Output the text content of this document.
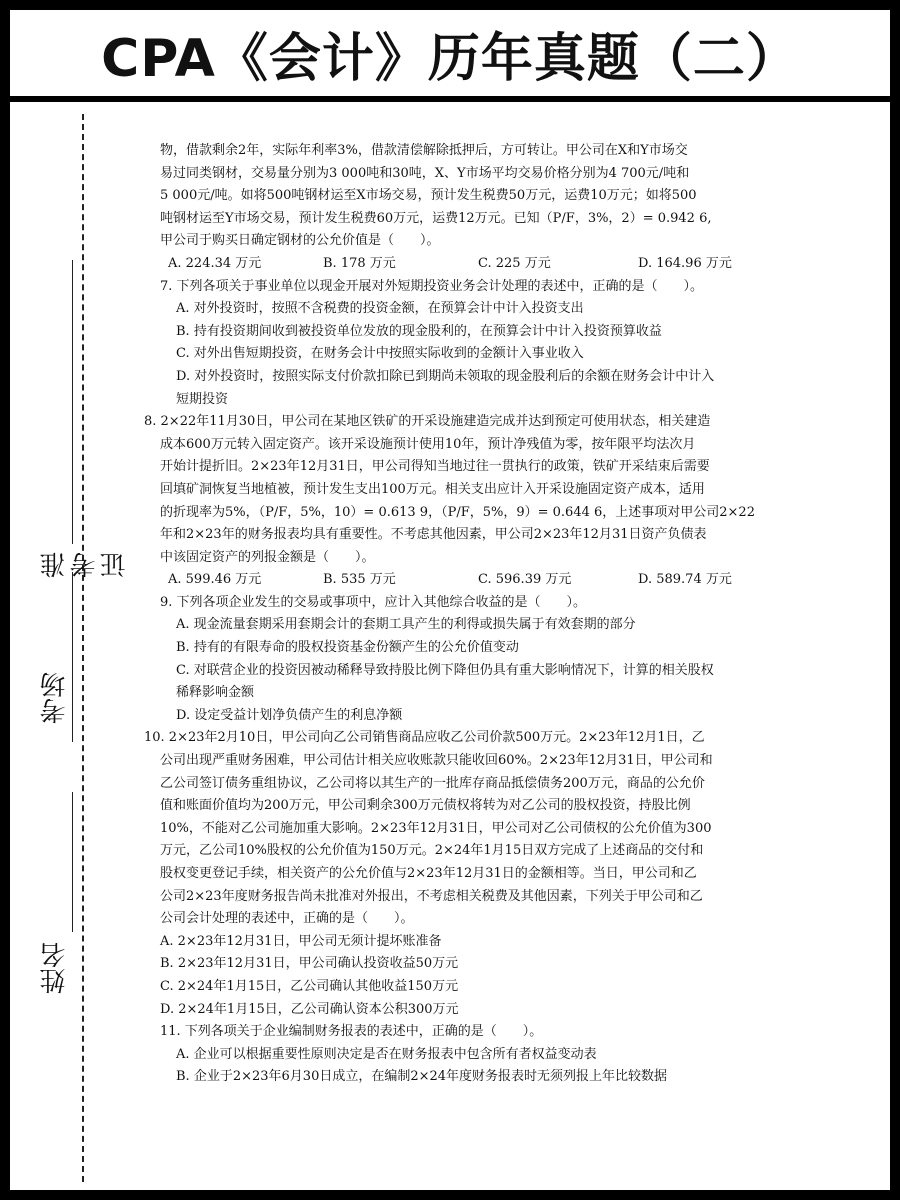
CPA《会计》历年真题（二）
准考证
考场
姓名

物，借款剩余2年，实际年利率3%，借款清偿解除抵押后，方可转让。甲公司在X和Y市场交

易过同类钢材，交易量分别为3 000吨和30吨，X、Y市场平均交易价格分别为4 700元/吨和

5 000元/吨。如将500吨钢材运至X市场交易，预计发生税费50万元，运费10万元；如将500

吨钢材运至Y市场交易，预计发生税费60万元，运费12万元。已知（P/F，3%，2）= 0.942 6,

甲公司于购买日确定钢材的公允价值是（　　）。

A. 224.34 万元	B. 178 万元	C. 225 万元	D. 164.96 万元

7. 下列各项关于事业单位以现金开展对外短期投资业务会计处理的表述中，正确的是（　　）。

A. 对外投资时，按照不含税费的投资金额，在预算会计中计入投资支出

B. 持有投资期间收到被投资单位发放的现金股利的，在预算会计中计入投资预算收益

C. 对外出售短期投资，在财务会计中按照实际收到的金额计入事业收入

D. 对外投资时，按照实际支付价款扣除已到期尚未领取的现金股利后的余额在财务会计中计入

短期投资

8. 2×22年11月30日，甲公司在某地区铁矿的开采设施建造完成并达到预定可使用状态，相关建造

成本600万元转入固定资产。该开采设施预计使用10年，预计净残值为零，按年限平均法次月

开始计提折旧。2×23年12月31日，甲公司得知当地过往一贯执行的政策，铁矿开采结束后需要

回填矿洞恢复当地植被，预计发生支出100万元。相关支出应计入开采设施固定资产成本，适用

的折现率为5%，（P/F，5%，10）= 0.613 9，（P/F，5%，9）= 0.644 6，上述事项对甲公司2×22

年和2×23年的财务报表均具有重要性。不考虑其他因素，甲公司2×23年12月31日资产负债表

中该固定资产的列报金额是（　　）。

A. 599.46 万元	B. 535 万元	C. 596.39 万元	D. 589.74 万元

9. 下列各项企业发生的交易或事项中，应计入其他综合收益的是（　　）。

A. 现金流量套期采用套期会计的套期工具产生的利得或损失属于有效套期的部分

B. 持有的有限寿命的股权投资基金份额产生的公允价值变动

C. 对联营企业的投资因被动稀释导致持股比例下降但仍具有重大影响情况下，计算的相关股权

稀释影响金额

D. 设定受益计划净负债产生的利息净额

10. 2×23年2月10日，甲公司向乙公司销售商品应收乙公司价款500万元。2×23年12月1日，乙

公司出现严重财务困难，甲公司估计相关应收账款只能收回60%。2×23年12月31日，甲公司和

乙公司签订债务重组协议，乙公司将以其生产的一批库存商品抵偿债务200万元，商品的公允价

值和账面价值均为200万元，甲公司剩余300万元债权将转为对乙公司的股权投资，持股比例

10%，不能对乙公司施加重大影响。2×23年12月31日，甲公司对乙公司债权的公允价值为300

万元，乙公司10%股权的公允价值为150万元。2×24年1月15日双方完成了上述商品的交付和

股权变更登记手续，相关资产的公允价值与2×23年12月31日的金额相等。当日，甲公司和乙

公司2×23年度财务报告尚未批准对外报出，不考虑相关税费及其他因素，下列关于甲公司和乙

公司会计处理的表述中，正确的是（　　）。

A. 2×23年12月31日，甲公司无须计提坏账准备

B. 2×23年12月31日，甲公司确认投资收益50万元

C. 2×24年1月15日，乙公司确认其他收益150万元

D. 2×24年1月15日，乙公司确认资本公积300万元

11. 下列各项关于企业编制财务报表的表述中，正确的是（　　）。

A. 企业可以根据重要性原则决定是否在财务报表中包含所有者权益变动表

B. 企业于2×23年6月30日成立，在编制2×24年度财务报表时无须列报上年比较数据
